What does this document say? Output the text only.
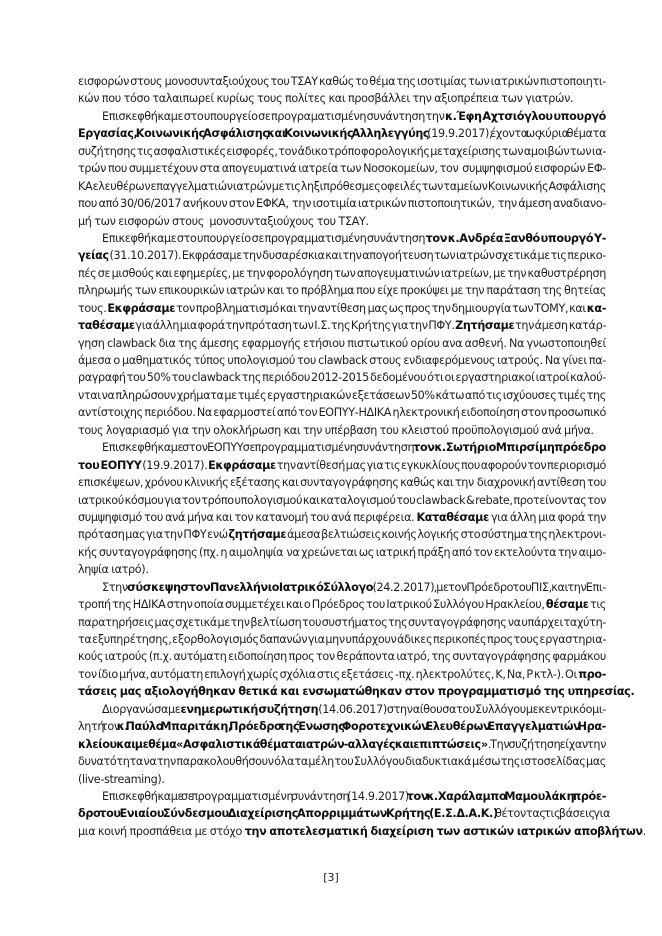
εισφορών στους  μονοσυνταξιούχους του ΤΣΑΥ καθώς το θέμα της ισοτιμίας των ιατρικών πιστοποιητι-
κών που τόσο ταλαιπωρεί κυρίως τους πολίτες και προσβάλλει την αξιοπρέπεια των γιατρών.
Επισκεφθήκαμε στο υπουργείο σε προγραματισμένη συνάντηση την κ.Έφη Αχτσιόγλου υπουργό
Εργασίας, Κοινωνικής Ασφάλισης και Κοινωνικής Αλληλεγγύης (19.9.2017), έχοντα ως κύρια θέματα
συζήτησης τις ασφαλιστικές εισφορές, τον άδικο τρόπο φορολογικής μεταχείρισης των αμοιβών των ια-
τρών που συμμετέχουν στα απογευματινά ιατρεία των Νοσοκομείων, τον  συμψηφισμού εισφορών ΕΦ-
ΚΑ ελευθέρων επαγγελματιών ιατρών με τις ληξιπρόθεσμες οφειλές των ταμείων Κοινωνικής Ασφάλισης
που από 30/06/2017 ανήκουν στον ΕΦΚΑ,  την ισοτιμία ιατρικών πιστοποιητικών,  την άμεση αναδιανο-
μή των εισφορών στους  μονοσυνταξιούχους του ΤΣΑΥ.
Επικεφθήκαμε στο υπουργείο  σε προγραμματισμένη συνάντηση τον κ.Ανδρέα Ξανθό υπουργό Υ-
γείας (31.10.2017). Εκφράσαμε την δυσαρέσκια και την απογοήτευση των ιατρών σχετικά με τις περικο-
πές σε μισθούς και εφημερίες, με την φορολόγηση των απογευματινών ιατρείων, με την καθυστρέρηση
πληρωμής των επικουρικών ιατρών και το πρόβλημα που είχε προκύψει με την παράταση της θητείας
τους. Εκφράσαμε τον προβληματισμό και την αντίθεση  μας ως προς την δημιουργία των ΤΟΜΥ, και κα-
ταθέσαμε για άλλη μια φορά την πρόταση των Ι.Σ. της Κρήτης για την ΠΦΥ. Ζητήσαμε την άμεση  κατάρ-
γηση clawback δια της άμεσης εφαρμογής ετήσιου πιστωτικού ορίου ανα ασθενή. Να γνωστοποιηθεί
άμεσα ο μαθηματικός τύπος υπολογισμού του clawback στους ενδιαφερόμενους ιατρούς. Να γίνει πα-
ραγραφή του 50% του clawback της περιόδου 2012-2015 δεδομένου ότι οι εργαστηριακοί ιατροί καλού-
νται να πληρώσουν χρήματα με τιμές εργαστηριακών εξετάσεων 50% κάτω από τις ισχύουσες τιμές της
αντίστοιχης περιόδου. Να εφαρμοστεί από τον ΕΟΠΥΥ-ΗΔΙΚΑ ηλεκτρονική ειδοποίηση στον προσωπικό
τους λογαριασμό για την ολοκλήρωση και την υπέρβαση του κλειστού προϋπολογισμού ανά μήνα.
Επισκεφθήκαμε  στον ΕΟΠΥΥ σε προγραμματισμένη συνάντηση  τον κ.Σωτήριο Μπιρσίμη πρόεδρο
του ΕΟΠΥΥ (19.9.2017). Εκφράσαμε την αντίθεσή μας για τις εγκυκλίους που αφορούν τον περιορισμό
επισκέψεων, χρόνου κλινικής εξέτασης και συνταγογράφησης καθώς και την  διαχρονική αντίθεση του
ιατρικού κόσμου για τον τρόπο υπολογισμού και καταλογισμού του clawback & rebate, προτείνοντας τον
συμψηφισμό του ανά μήνα και τον κατανομή του ανά περιφέρεια. Καταθέσαμε για άλλη μια φορά την
πρόταση μας για την ΠΦΥ ενώ ζητήσαμε άμεσα βελτιώσεις κοινής λογικής  στο σύστημα της ηλεκτρονι-
κής συνταγογράφησης (πχ. η αιμοληψία  να χρεώνεται ως ιατρική πράξη από τον εκτελούντα την αιμο-
ληψία ιατρό).
Στην σύσκεψη στον Πανελλήνιο Ιατρικό Σύλλογο (24.2.2017) , με τον Πρόεδρο του ΠΙΣ, και την Επι-
τροπή της ΗΔΙΚΑ στην οποία συμμετέχει και ο Πρόεδρος του Ιατρικού Συλλόγου Ηρακλείου, θέσαμε τις
παρατηρήσεις μας σχετικά με την βελτίωση του συστήματος της συνταγογράφησης  να υπάρχει ταχύτη-
τα εξυπηρέτησης, εξορθολογισμός δαπανών για μην υπάρχουν άδικες περικοπές προς τους εργαστηρια-
κούς ιατρούς (π.χ. αυτόματη ειδοποίηση προς τον θεράποντα ιατρό, της συνταγογράφησης φαρμάκου
τον ίδιο μήνα, αυτόματη επιλογή χωρίς σχόλια στις εξετάσεις -πχ. ηλεκτρολύτες, Κ, Να, Ρ κτλ-). Οι προ-
τάσεις μας αξιολογήθηκαν θετικά και ενσωματώθηκαν στον προγραμματισμό της υπηρεσίας.
Διοργανώσαμε ενημερωτική συζήτηση (14.06.2017) στην αίθουσα του Συλλόγου με κεντρικό ομι-
λητή τον κ. Παύλο Μπαριτάκη, Πρόεδρο της Ένωσης Φοροτεχνικών Ελευθέρων Επαγγελματιών Ηρα-
κλείου και με θέμα «Ασφαλιστικά θέματα ιατρών - αλλαγές και επιπτώσεις». Την συζήτηση είχαν την
δυνατότητα να την παρακολουθήσουν όλα τα μέλη του Συλλόγου διαδυκτιακά  μέσω της ιστοσελίδας μας
(live-streaming).
Επισκεφθήκαμε σε προγραμματισμένη συνάντηση (14.9.2017) τον κ.Χαράλαμπο Μαμουλάκη πρόε-
δρο του Ενιαίου Σύνδεσμου Διαχείρισης Απορριμμάτων Κρήτης (Ε.Σ.Δ.Α.Κ.)  θέτοντας τις βάσεις για
μια κοινή προσπάθεια με στόχο την αποτελεσματική διαχείριση των αστικών ιατρικών αποβλήτων.
[3]
